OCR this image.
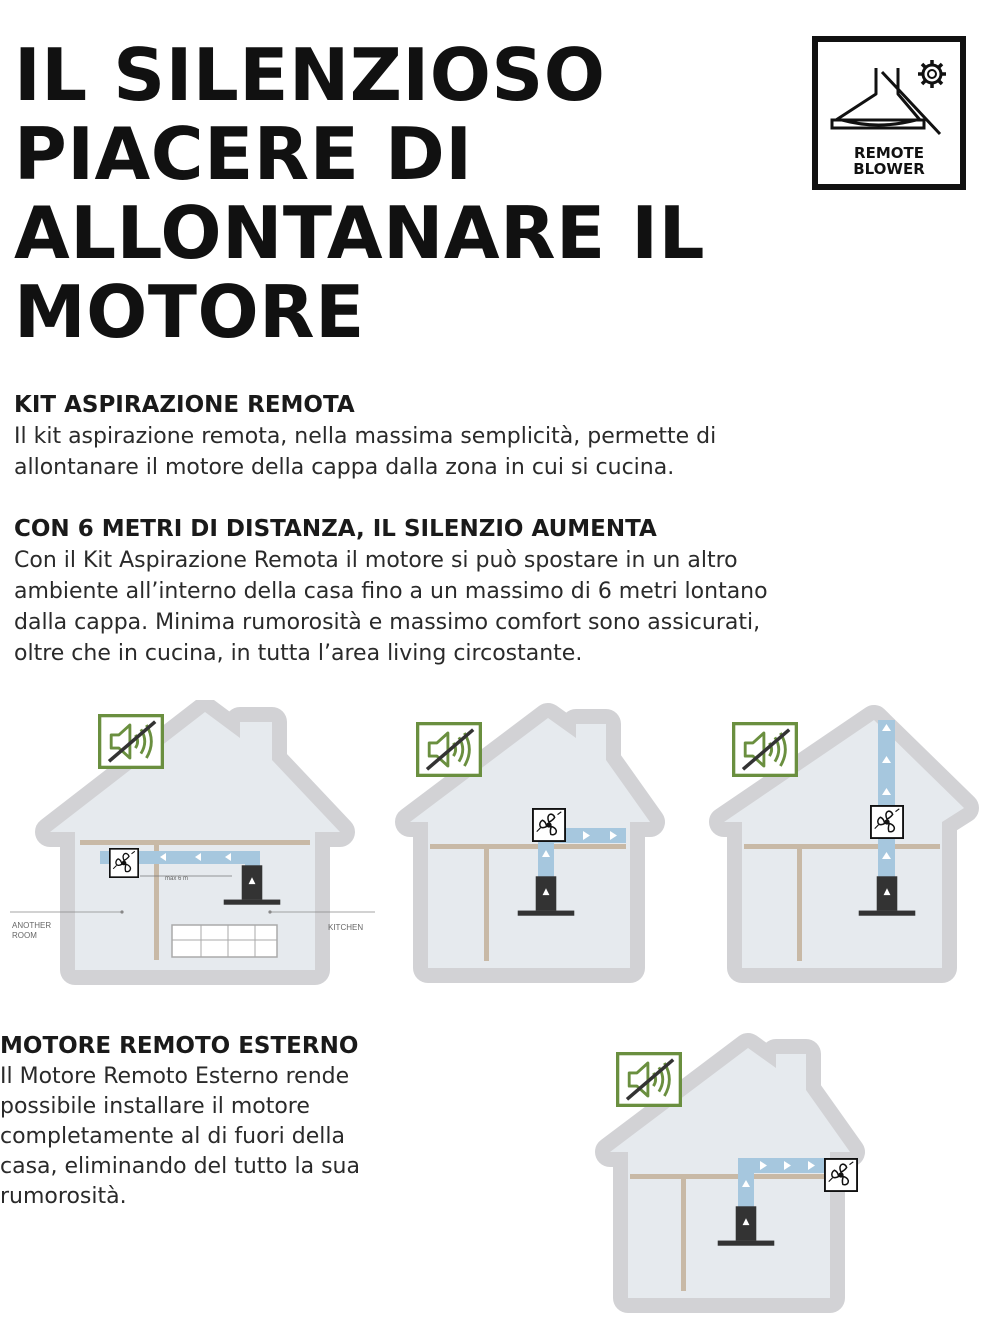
IL SILENZIOSO
PIACERE DI
ALLONTANARE IL
MOTORE
REMOTE
BLOWER
KIT ASPIRAZIONE REMOTA

Il kit aspirazione remota, nella massima semplicità, permette di
allontanare il motore della cappa dalla zona in cui si cucina.

CON 6 METRI DI DISTANZA, IL SILENZIO AUMENTA

Con il Kit Aspirazione Remota il motore si può spostare in un altro
ambiente all’interno della casa fino a un massimo di 6 metri lontano
dalla cappa. Minima rumorosità e massimo comfort sono assicurati,
oltre che in cucina, in tutta l’area living circostante.

max 6 m
ANOTHER
ROOM
KITCHEN
MOTORE REMOTO ESTERNO

Il Motore Remoto Esterno rende
possibile installare il motore
completamente al di fuori della
casa, eliminando del tutto la sua
rumorosità.
